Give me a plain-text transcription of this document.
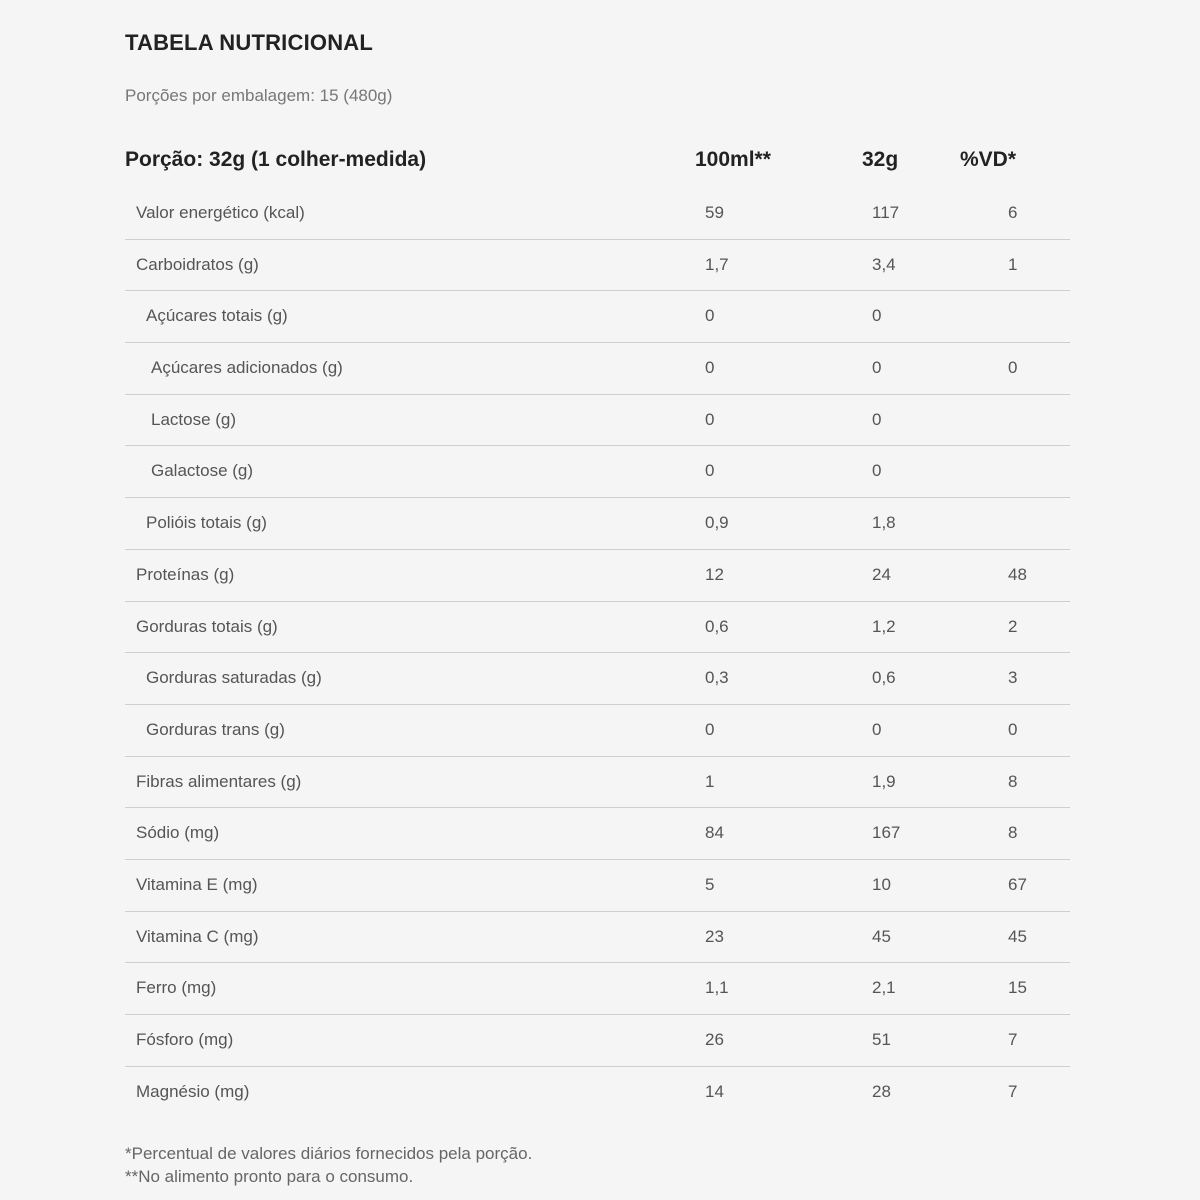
TABELA NUTRICIONAL
Porções por embalagem: 15 (480g)
Porção: 32g (1 colher-medida)	100ml**	32g	%VD*
Valor energético (kcal)	59	117	6
Carboidratos (g)	1,7	3,4	1
Açúcares totais (g)	0	0
Açúcares adicionados (g)	0	0	0
Lactose (g)	0	0
Galactose (g)	0	0
Polióis totais (g)	0,9	1,8
Proteínas (g)	12	24	48
Gorduras totais (g)	0,6	1,2	2
Gorduras saturadas (g)	0,3	0,6	3
Gorduras trans (g)	0	0	0
Fibras alimentares (g)	1	1,9	8
Sódio (mg)	84	167	8
Vitamina E (mg)	5	10	67
Vitamina C (mg)	23	45	45
Ferro (mg)	1,1	2,1	15
Fósforo (mg)	26	51	7
Magnésio (mg)	14	28	7
*Percentual de valores diários fornecidos pela porção.
**No alimento pronto para o consumo.
